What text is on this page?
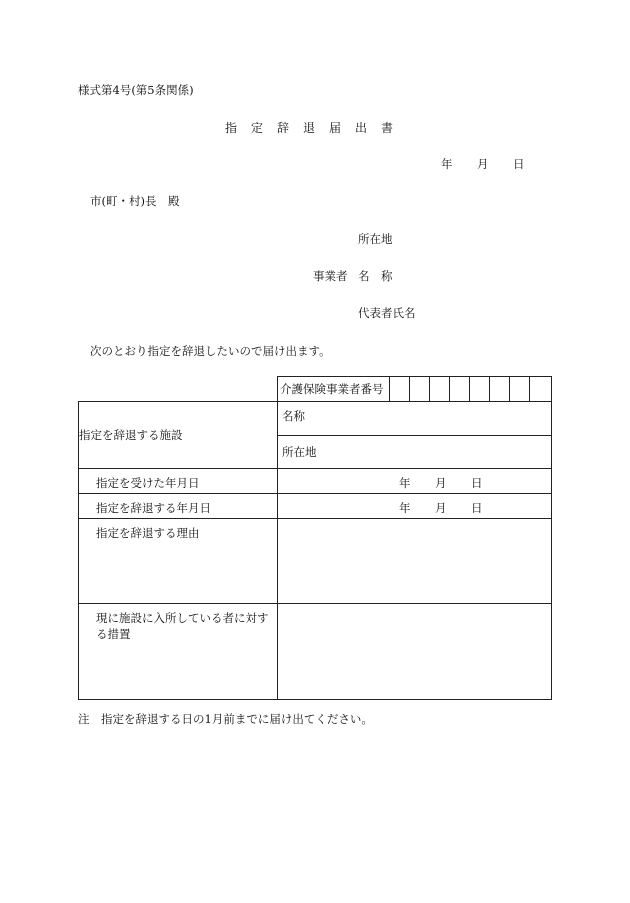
様式第4号(第5条関係)
指 定 辞 退 届 出 書
年 月 日
市(町・村)長　殿
所在地
事業者 名　称
代表者氏名
次のとおり指定を辞退したいので届け出ます。
	介護保険事業者番号								
指定を辞退する施設	名称								

	所在地								

指定を受けた年月日	年 月 日								

指定を辞退する年月日	年 月 日								

指定を辞退する理由									

現に施設に入所している者に対する措置									

注　指定を辞退する日の1月前までに届け出てください。
